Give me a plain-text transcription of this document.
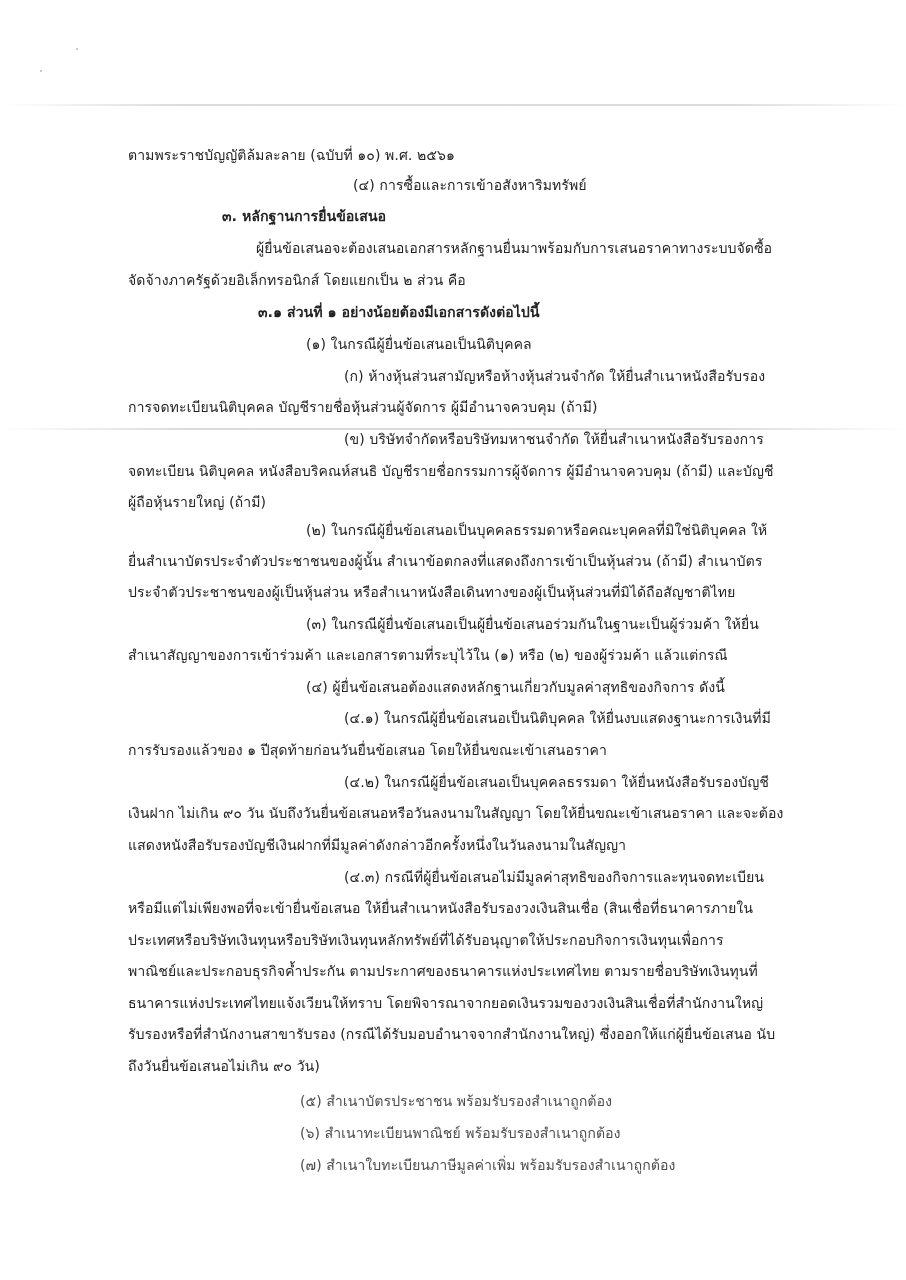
ตามพระราชบัญญัติล้มละลาย (ฉบับที่ ๑๐) พ.ศ. ๒๕๖๑
(๔) การซื้อและการเข้าอสังหาริมทรัพย์
๓. หลักฐานการยื่นข้อเสนอ
ผู้ยื่นข้อเสนอจะต้องเสนอเอกสารหลักฐานยื่นมาพร้อมกับการเสนอราคาทางระบบจัดซื้อ
จัดจ้างภาครัฐด้วยอิเล็กทรอนิกส์ โดยแยกเป็น ๒ ส่วน คือ
๓.๑ ส่วนที่ ๑ อย่างน้อยต้องมีเอกสารดังต่อไปนี้
(๑) ในกรณีผู้ยื่นข้อเสนอเป็นนิติบุคคล
(ก) ห้างหุ้นส่วนสามัญหรือห้างหุ้นส่วนจำกัด ให้ยื่นสำเนาหนังสือรับรอง
การจดทะเบียนนิติบุคคล บัญชีรายชื่อหุ้นส่วนผู้จัดการ ผู้มีอำนาจควบคุม (ถ้ามี)
(ข) บริษัทจำกัดหรือบริษัทมหาชนจำกัด ให้ยื่นสำเนาหนังสือรับรองการ
จดทะเบียน นิติบุคคล หนังสือบริคณห์สนธิ บัญชีรายชื่อกรรมการผู้จัดการ ผู้มีอำนาจควบคุม (ถ้ามี) และบัญชี
ผู้ถือหุ้นรายใหญ่ (ถ้ามี)
(๒) ในกรณีผู้ยื่นข้อเสนอเป็นบุคคลธรรมดาหรือคณะบุคคลที่มิใช่นิติบุคคล ให้
ยื่นสำเนาบัตรประจำตัวประชาชนของผู้นั้น สำเนาข้อตกลงที่แสดงถึงการเข้าเป็นหุ้นส่วน (ถ้ามี) สำเนาบัตร
ประจำตัวประชาชนของผู้เป็นหุ้นส่วน หรือสำเนาหนังสือเดินทางของผู้เป็นหุ้นส่วนที่มิได้ถือสัญชาติไทย
(๓) ในกรณีผู้ยื่นข้อเสนอเป็นผู้ยื่นข้อเสนอร่วมกันในฐานะเป็นผู้ร่วมค้า ให้ยื่น
สำเนาสัญญาของการเข้าร่วมค้า และเอกสารตามที่ระบุไว้ใน (๑) หรือ (๒) ของผู้ร่วมค้า แล้วแต่กรณี
(๔) ผู้ยื่นข้อเสนอต้องแสดงหลักฐานเกี่ยวกับมูลค่าสุทธิของกิจการ ดังนี้
(๔.๑) ในกรณีผู้ยื่นข้อเสนอเป็นนิติบุคคล ให้ยื่นงบแสดงฐานะการเงินที่มี
การรับรองแล้วของ ๑ ปีสุดท้ายก่อนวันยื่นข้อเสนอ โดยให้ยื่นขณะเข้าเสนอราคา
(๔.๒) ในกรณีผู้ยื่นข้อเสนอเป็นบุคคลธรรมดา ให้ยื่นหนังสือรับรองบัญชี
เงินฝาก ไม่เกิน ๙๐ วัน นับถึงวันยื่นข้อเสนอหรือวันลงนามในสัญญา โดยให้ยื่นขณะเข้าเสนอราคา และจะต้อง
แสดงหนังสือรับรองบัญชีเงินฝากที่มีมูลค่าดังกล่าวอีกครั้งหนึ่งในวันลงนามในสัญญา
(๔.๓) กรณีที่ผู้ยื่นข้อเสนอไม่มีมูลค่าสุทธิของกิจการและทุนจดทะเบียน
หรือมีแต่ไม่เพียงพอที่จะเข้ายื่นข้อเสนอ ให้ยื่นสำเนาหนังสือรับรองวงเงินสินเชื่อ (สินเชื่อที่ธนาคารภายใน
ประเทศหรือบริษัทเงินทุนหรือบริษัทเงินทุนหลักทรัพย์ที่ได้รับอนุญาตให้ประกอบกิจการเงินทุนเพื่อการ
พาณิชย์และประกอบธุรกิจค้ำประกัน ตามประกาศของธนาคารแห่งประเทศไทย ตามรายชื่อบริษัทเงินทุนที่
ธนาคารแห่งประเทศไทยแจ้งเวียนให้ทราบ โดยพิจารณาจากยอดเงินรวมของวงเงินสินเชื่อที่สำนักงานใหญ่
รับรองหรือที่สำนักงานสาขารับรอง (กรณีได้รับมอบอำนาจจากสำนักงานใหญ่) ซึ่งออกให้แก่ผู้ยื่นข้อเสนอ นับ
ถึงวันยื่นข้อเสนอไม่เกิน ๙๐ วัน)
(๕) สำเนาบัตรประชาชน พร้อมรับรองสำเนาถูกต้อง
(๖) สำเนาทะเบียนพาณิชย์ พร้อมรับรองสำเนาถูกต้อง
(๗) สำเนาใบทะเบียนภาษีมูลค่าเพิ่ม พร้อมรับรองสำเนาถูกต้อง
